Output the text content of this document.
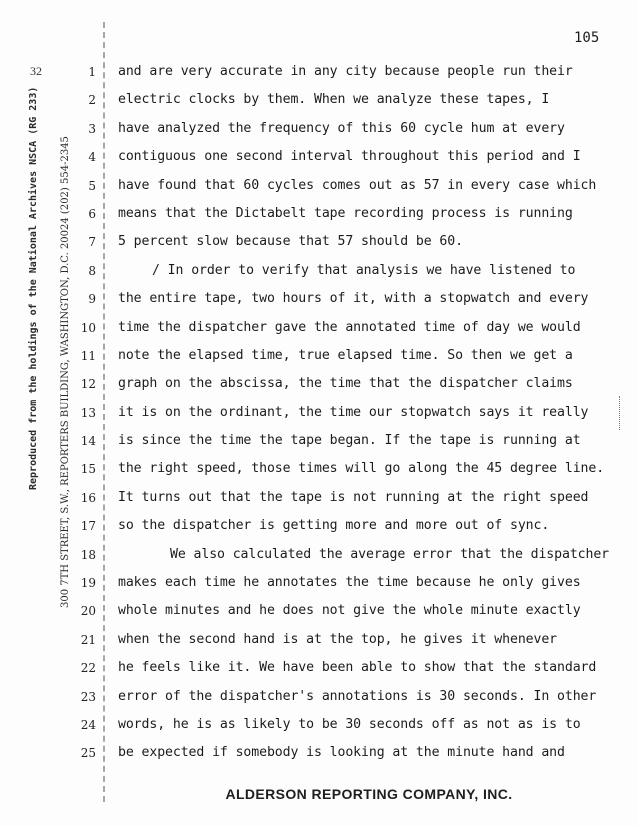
105
32
Reproduced from the holdings of the National Archives NSCA (RG 233) 300 7TH STREET, S.W., REPORTERS BUILDING, WASHINGTON, D.C. 20024 (202) 554-2345
1
2
3
4
5
6
7
8
9
10
11
12
13
14
15
16
17
18
19
20
21
22
23
24
25
and are very accurate in any city because people run their
electric clocks by them. When we analyze these tapes, I
have analyzed the frequency of this 60 cycle hum at every
contiguous one second interval throughout this period and I
have found that 60 cycles comes out as 57 in every case which
means that the Dictabelt tape recording process is running
5 percent slow because that 57 should be 60.
/ In order to verify that analysis we have listened to
the entire tape, two hours of it, with a stopwatch and every
time the dispatcher gave the annotated time of day we would
note the elapsed time, true elapsed time. So then we get a
graph on the abscissa, the time that the dispatcher claims
it is on the ordinant, the time our stopwatch says it really
is since the time the tape began. If the tape is running at
the right speed, those times will go along the 45 degree line.
It turns out that the tape is not running at the right speed
so the dispatcher is getting more and more out of sync.
We also calculated the average error that the dispatcher
makes each time he annotates the time because he only gives
whole minutes and he does not give the whole minute exactly
when the second hand is at the top, he gives it whenever
he feels like it. We have been able to show that the standard
error of the dispatcher's annotations is 30 seconds. In other
words, he is as likely to be 30 seconds off as not as is to
be expected if somebody is looking at the minute hand and
ALDERSON REPORTING COMPANY, INC.
